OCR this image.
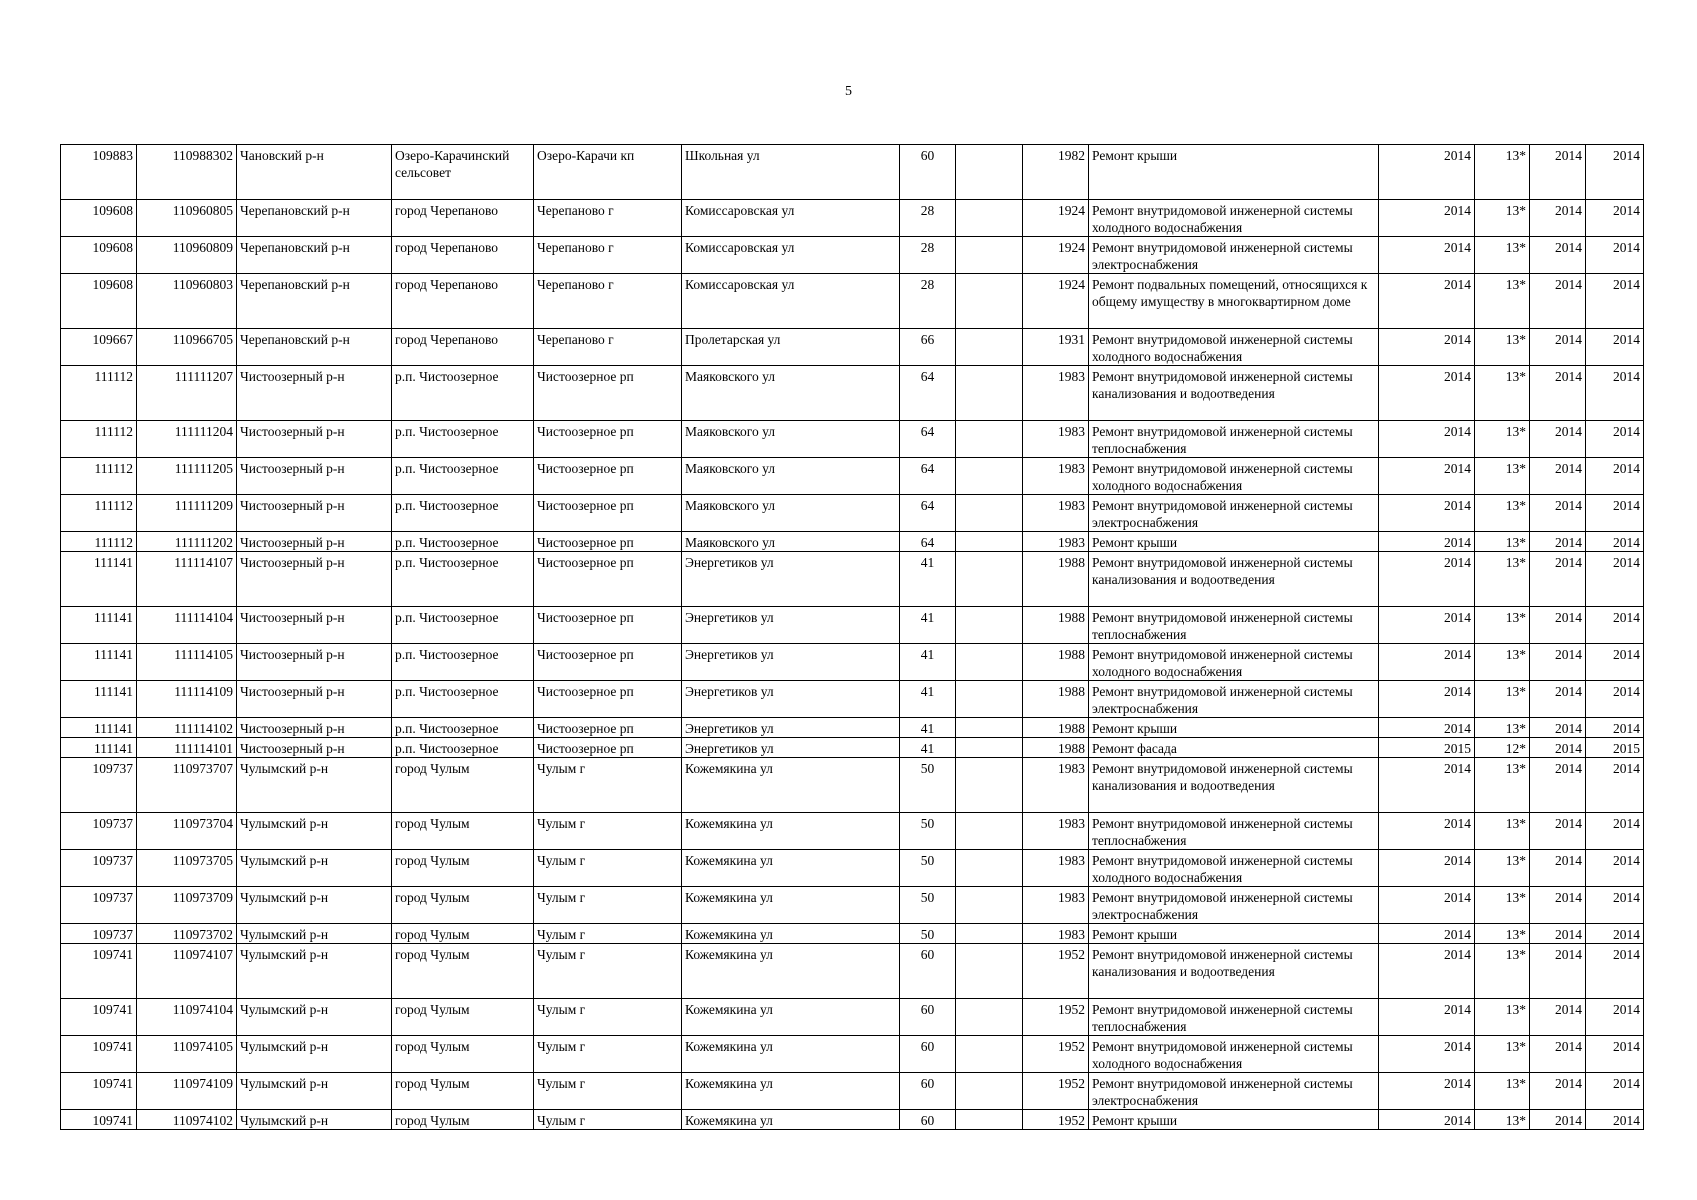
5
109883	110988302	Чановский р-н	Озеро-Карачинский сельсовет	Озеро-Карачи кп	Школьная ул	60		1982	Ремонт крыши	2014	13*	2014	2014
109608	110960805	Черепановский р-н	город Черепаново	Черепаново г	Комиссаровская ул	28		1924	Ремонт внутридомовой инженерной системы холодного водоснабжения	2014	13*	2014	2014
109608	110960809	Черепановский р-н	город Черепаново	Черепаново г	Комиссаровская ул	28		1924	Ремонт внутридомовой инженерной системы электроснабжения	2014	13*	2014	2014
109608	110960803	Черепановский р-н	город Черепаново	Черепаново г	Комиссаровская ул	28		1924	Ремонт подвальных помещений, относящихся к общему имуществу в многоквартирном доме	2014	13*	2014	2014
109667	110966705	Черепановский р-н	город Черепаново	Черепаново г	Пролетарская ул	66		1931	Ремонт внутридомовой инженерной системы холодного водоснабжения	2014	13*	2014	2014
111112	111111207	Чистоозерный р-н	р.п. Чистоозерное	Чистоозерное рп	Маяковского ул	64		1983	Ремонт внутридомовой инженерной системы канализования и водоотведения	2014	13*	2014	2014
111112	111111204	Чистоозерный р-н	р.п. Чистоозерное	Чистоозерное рп	Маяковского ул	64		1983	Ремонт внутридомовой инженерной системы теплоснабжения	2014	13*	2014	2014
111112	111111205	Чистоозерный р-н	р.п. Чистоозерное	Чистоозерное рп	Маяковского ул	64		1983	Ремонт внутридомовой инженерной системы холодного водоснабжения	2014	13*	2014	2014
111112	111111209	Чистоозерный р-н	р.п. Чистоозерное	Чистоозерное рп	Маяковского ул	64		1983	Ремонт внутридомовой инженерной системы электроснабжения	2014	13*	2014	2014
111112	111111202	Чистоозерный р-н	р.п. Чистоозерное	Чистоозерное рп	Маяковского ул	64		1983	Ремонт крыши	2014	13*	2014	2014
111141	111114107	Чистоозерный р-н	р.п. Чистоозерное	Чистоозерное рп	Энергетиков ул	41		1988	Ремонт внутридомовой инженерной системы канализования и водоотведения	2014	13*	2014	2014
111141	111114104	Чистоозерный р-н	р.п. Чистоозерное	Чистоозерное рп	Энергетиков ул	41		1988	Ремонт внутридомовой инженерной системы теплоснабжения	2014	13*	2014	2014
111141	111114105	Чистоозерный р-н	р.п. Чистоозерное	Чистоозерное рп	Энергетиков ул	41		1988	Ремонт внутридомовой инженерной системы холодного водоснабжения	2014	13*	2014	2014
111141	111114109	Чистоозерный р-н	р.п. Чистоозерное	Чистоозерное рп	Энергетиков ул	41		1988	Ремонт внутридомовой инженерной системы электроснабжения	2014	13*	2014	2014
111141	111114102	Чистоозерный р-н	р.п. Чистоозерное	Чистоозерное рп	Энергетиков ул	41		1988	Ремонт крыши	2014	13*	2014	2014
111141	111114101	Чистоозерный р-н	р.п. Чистоозерное	Чистоозерное рп	Энергетиков ул	41		1988	Ремонт фасада	2015	12*	2014	2015
109737	110973707	Чулымский р-н	город Чулым	Чулым г	Кожемякина ул	50		1983	Ремонт внутридомовой инженерной системы канализования и водоотведения	2014	13*	2014	2014
109737	110973704	Чулымский р-н	город Чулым	Чулым г	Кожемякина ул	50		1983	Ремонт внутридомовой инженерной системы теплоснабжения	2014	13*	2014	2014
109737	110973705	Чулымский р-н	город Чулым	Чулым г	Кожемякина ул	50		1983	Ремонт внутридомовой инженерной системы холодного водоснабжения	2014	13*	2014	2014
109737	110973709	Чулымский р-н	город Чулым	Чулым г	Кожемякина ул	50		1983	Ремонт внутридомовой инженерной системы электроснабжения	2014	13*	2014	2014
109737	110973702	Чулымский р-н	город Чулым	Чулым г	Кожемякина ул	50		1983	Ремонт крыши	2014	13*	2014	2014
109741	110974107	Чулымский р-н	город Чулым	Чулым г	Кожемякина ул	60		1952	Ремонт внутридомовой инженерной системы канализования и водоотведения	2014	13*	2014	2014
109741	110974104	Чулымский р-н	город Чулым	Чулым г	Кожемякина ул	60		1952	Ремонт внутридомовой инженерной системы теплоснабжения	2014	13*	2014	2014
109741	110974105	Чулымский р-н	город Чулым	Чулым г	Кожемякина ул	60		1952	Ремонт внутридомовой инженерной системы холодного водоснабжения	2014	13*	2014	2014
109741	110974109	Чулымский р-н	город Чулым	Чулым г	Кожемякина ул	60		1952	Ремонт внутридомовой инженерной системы электроснабжения	2014	13*	2014	2014
109741	110974102	Чулымский р-н	город Чулым	Чулым г	Кожемякина ул	60		1952	Ремонт крыши	2014	13*	2014	2014
